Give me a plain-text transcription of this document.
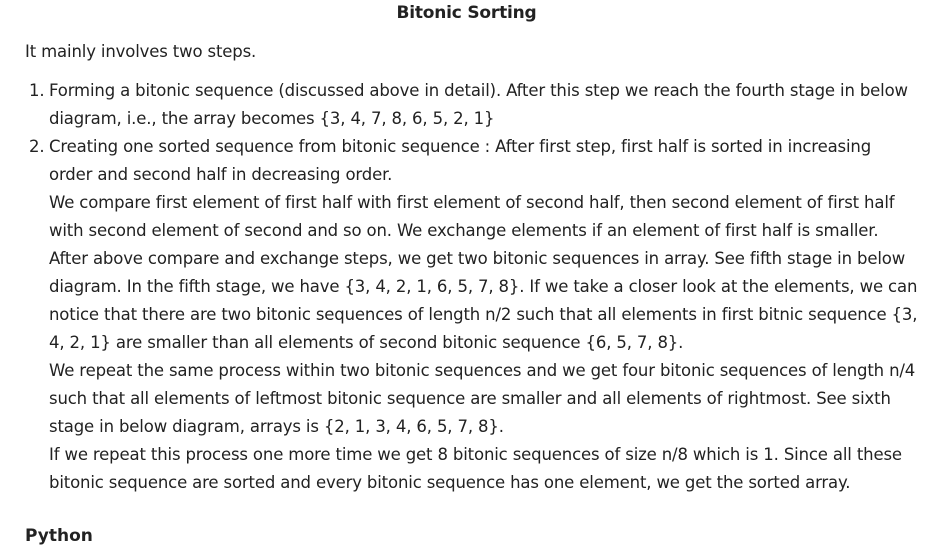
Bitonic Sorting
It mainly involves two steps.
1. Forming a bitonic sequence (discussed above in detail). After this step we reach the fourth stage in below diagram, i.e., the array becomes {3, 4, 7, 8, 6, 5, 2, 1}

2. Creating one sorted sequence from bitonic sequence : After first step, first half is sorted in increasing order and second half in decreasing order.

We compare first element of first half with first element of second half, then second element of first half with second element of second and so on. We exchange elements if an element of first half is smaller.

After above compare and exchange steps, we get two bitonic sequences in array. See fifth stage in below diagram. In the fifth stage, we have {3, 4, 2, 1, 6, 5, 7, 8}. If we take a closer look at the elements, we can notice that there are two bitonic sequences of length n/2 such that all elements in first bitnic sequence {3, 4, 2, 1} are smaller than all elements of second bitonic sequence {6, 5, 7, 8}.

We repeat the same process within two bitonic sequences and we get four bitonic sequences of length n/4 such that all elements of leftmost bitonic sequence are smaller and all elements of rightmost. See sixth stage in below diagram, arrays is {2, 1, 3, 4, 6, 5, 7, 8}.

If we repeat this process one more time we get 8 bitonic sequences of size n/8 which is 1. Since all these bitonic sequence are sorted and every bitonic sequence has one element, we get the sorted array.

Python
